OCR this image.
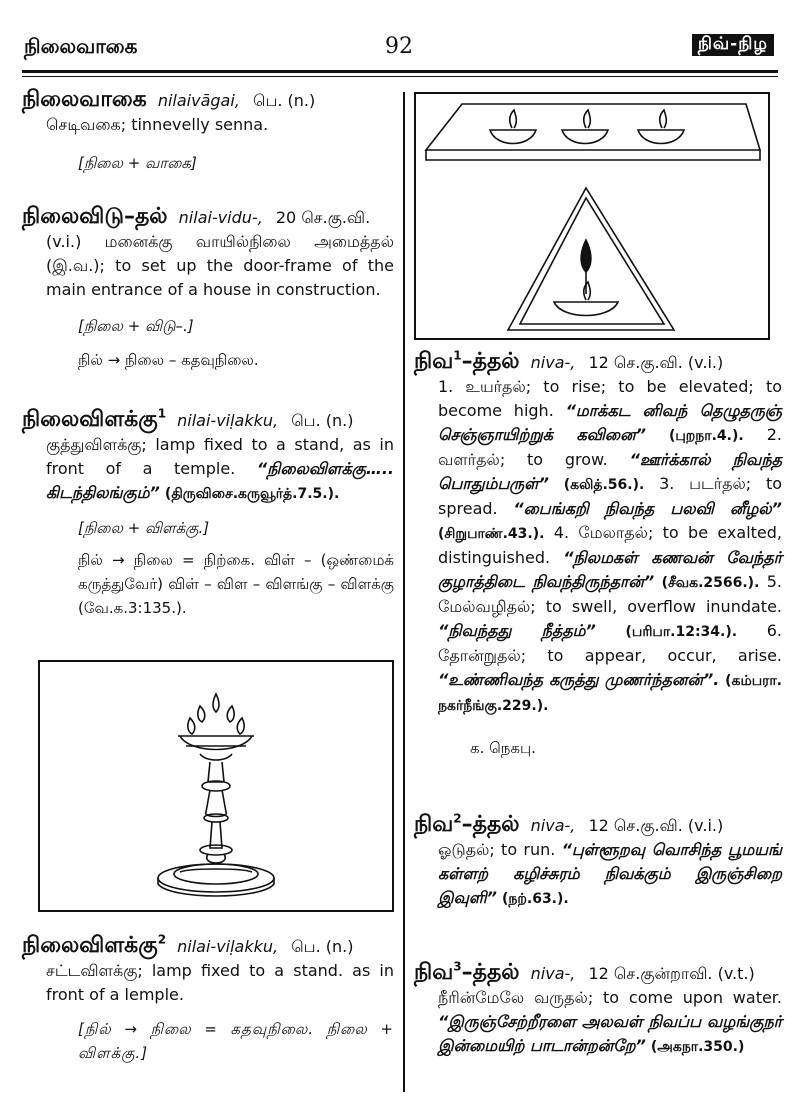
நிலைவாகை	92	நிவ்-நிழ
நிலைவாகை nilaivāgai, பெ. (n.)
செடிவகை; tinnevelly senna.
[நிலை + வாகை]
நிலைவிடு–தல் nilai-vidu-, 20 செ.கு.வி.
(v.i.) மனைக்கு வாயில்நிலை அமைத்தல் (இ.வ.); to set up the door-frame of the main entrance of a house in construction.
[நிலை + விடு–.]
நில் → நிலை – கதவுநிலை.
நிலைவிளக்கு$^1$ nilai-viḷakku, பெ. (n.)
குத்துவிளக்கு; lamp fixed to a stand, as in front of a temple. “நிலைவிளக்கு….. கிடந்திலங்கும்” (திருவிசை.கருவூர்த்.7.5.).
[நிலை + விளக்கு.]
நில் → நிலை = நிற்கை. விள் – (ஒண்மைக் கருத்துவேர்) விள் – விள – விளங்கு – விளக்கு (வே.க.3:135.).
நிலைவிளக்கு$^2$ nilai-viḷakku, பெ. (n.)
சட்டவிளக்கு; lamp fixed to a stand. as in front of a lemple.
[நில் → நிலை = கதவுநிலை. நிலை + விளக்கு.]
நிவ$^1$–த்தல் niva-, 12 செ.கு.வி. (v.i.)
1. உயர்தல்; to rise; to be elevated; to become high. “மாக்கட னிவந் தெழுதருஞ் செஞ்ஞாயிற்றுக் கவினை” (புறநா.4.). 2. வளர்தல்; to grow. “ஊர்க்கால் நிவந்த பொதும்பருள்” (கலித்.56.). 3. படர்தல்; to spread. “பைங்கறி நிவந்த பலவி னீழல்” (சிறுபாண்.43.). 4. மேலாதல்; to be exalted, distinguished. “நிலமகள் கணவன் வேந்தர் குழாத்திடை நிவந்திருந்தான்” (சீவக.2566.). 5. மேல்வழிதல்; to swell, overflow inundate. “நிவந்தது நீத்தம்” (பரிபா.12:34.). 6. தோன்றுதல்; to appear, occur, arise. “உண்ணிவந்த கருத்து முணர்ந்தனன்”. (கம்பரா. நகர்நீங்கு.229.).
க. நெகபு.
நிவ$^2$–த்தல் niva-, 12 செ.கு.வி. (v.i.)
ஓடுதல்; to run. “புள்ளூறவு வொசிந்த பூமயங் கள்ளற் கழிச்சுரம் நிவக்கும் இருஞ்சிறை இவுளி” (நற்.63.).
நிவ$^3$–த்தல் niva-, 12 செ.குன்றாவி. (v.t.)
நீரின்மேலே வருதல்; to come upon water. “இருஞ்சேற்றீரளை அலவள் நிவப்ப வழங்குநர் இன்மையிற் பாடான்றன்றே” (அகநா.350.)
